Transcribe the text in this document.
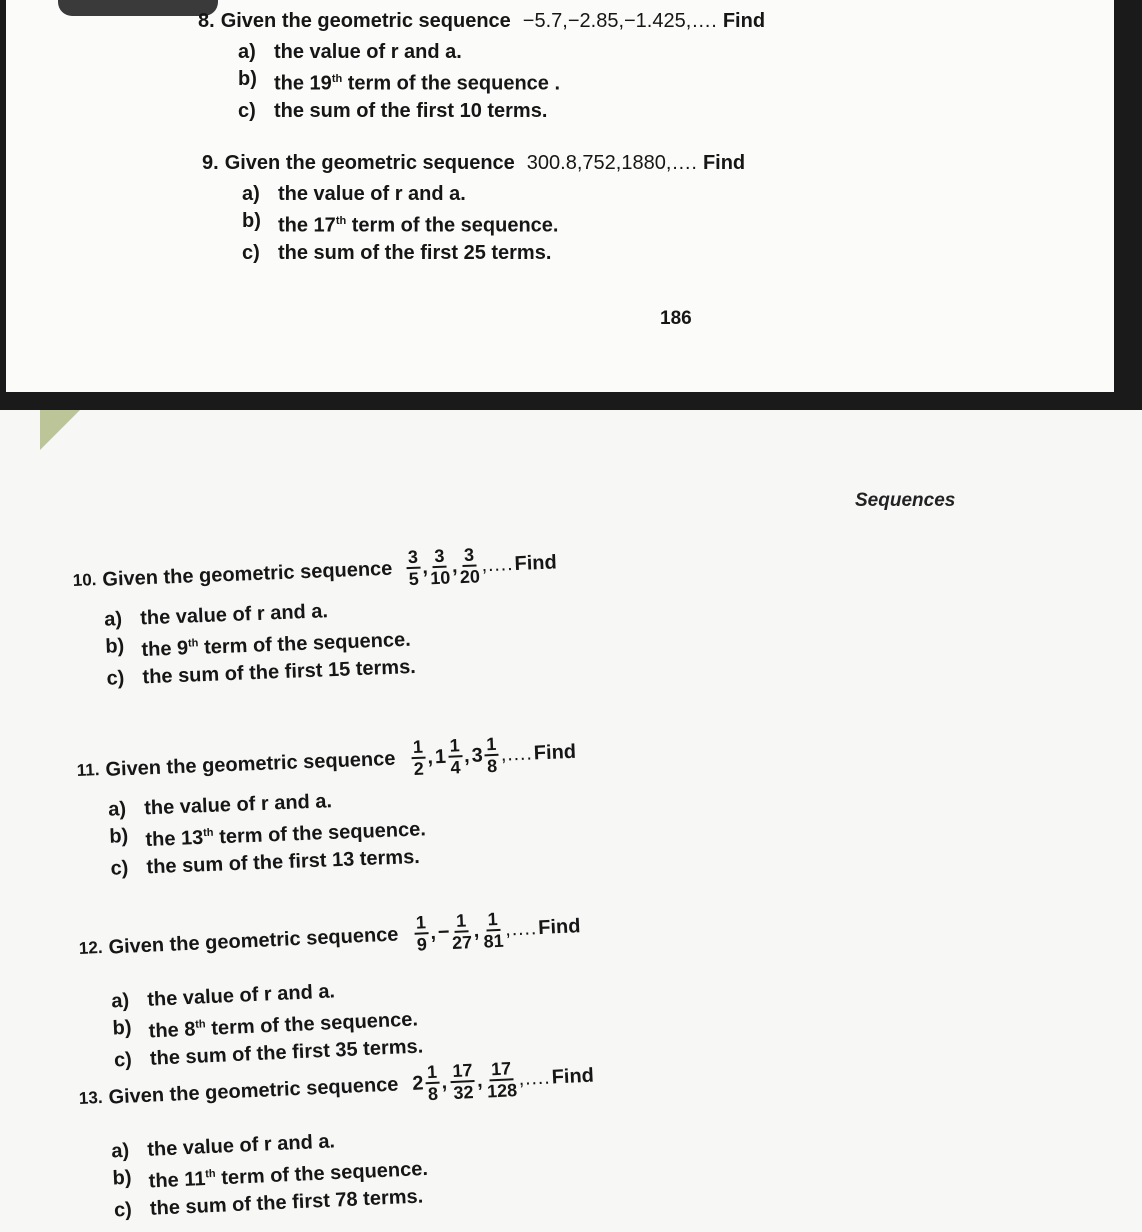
8. Given the geometric sequence −5.7,−2.85,−1.425,…. Find
a) the value of r and a.
b) the 19th term of the sequence .
c) the sum of the first 10 terms.
9. Given the geometric sequence 300.8,752,1880,…. Find
a) the value of r and a.
b) the 17th term of the sequence.
c) the sum of the first 25 terms.
186
Sequences
10. Given the geometric sequence $\frac{3}{5}$ , $\frac{3}{10}$ , $\frac{3}{20}$ ,…. Find
a) the value of r and a.
b) the 9th term of the sequence.
c) the sum of the first 15 terms.
11. Given the geometric sequence $\frac{1}{2}$ , $1 \frac{1}{4}$ , $3 \frac{1}{8}$ ,…. Find
a) the value of r and a.
b) the 13th term of the sequence.
c) the sum of the first 13 terms.
12. Given the geometric sequence $\frac{1}{9}$ , − $\frac{1}{27}$ , $\frac{1}{81}$ ,…. Find
a) the value of r and a.
b) the 8th term of the sequence.
c) the sum of the first 35 terms.
13. Given the geometric sequence $2 \frac{1}{8}$ , $\frac{17}{32}$ , $\frac{17}{128}$ ,…. Find
a) the value of r and a.
b) the 11th term of the sequence.
c) the sum of the first 78 terms.
